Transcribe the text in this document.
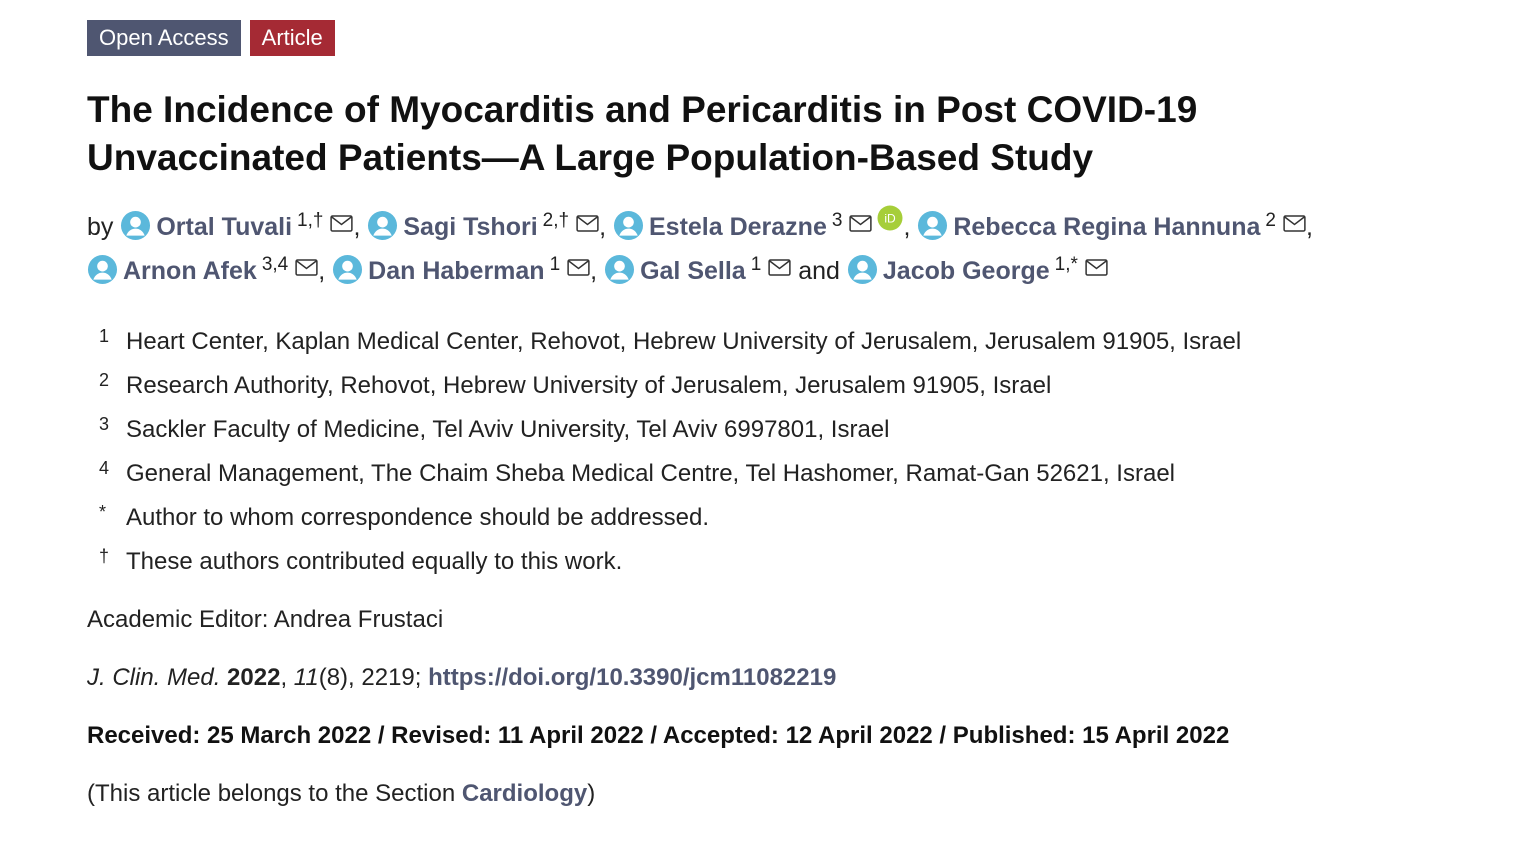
Open Access	Article
The Incidence of Myocarditis and Pericarditis in Post COVID-19 Unvaccinated Patients—A Large Population-Based Study
by Ortal Tuvali $^{1,\dagger}$ , Sagi Tshori $^{2,\dagger}$ , Estela Derazne $^3$	iD , Rebecca Regina Hannuna $^2$ , Arnon Afek $^{3,4}$ , Dan Haberman $^1$ , Gal Sella $^1$ and Jacob George $^{1,*}$
1 Heart Center, Kaplan Medical Center, Rehovot, Hebrew University of Jerusalem, Jerusalem 91905, Israel
2 Research Authority, Rehovot, Hebrew University of Jerusalem, Jerusalem 91905, Israel
3 Sackler Faculty of Medicine, Tel Aviv University, Tel Aviv 6997801, Israel
4 General Management, The Chaim Sheba Medical Centre, Tel Hashomer, Ramat-Gan 52621, Israel
* Author to whom correspondence should be addressed.
† These authors contributed equally to this work.
Academic Editor: Andrea Frustaci
J. Clin. Med. 2022, 11(8), 2219; https://doi.org/10.3390/jcm11082219
Received: 25 March 2022 / Revised: 11 April 2022 / Accepted: 12 April 2022 / Published: 15 April 2022
(This article belongs to the Section Cardiology)
